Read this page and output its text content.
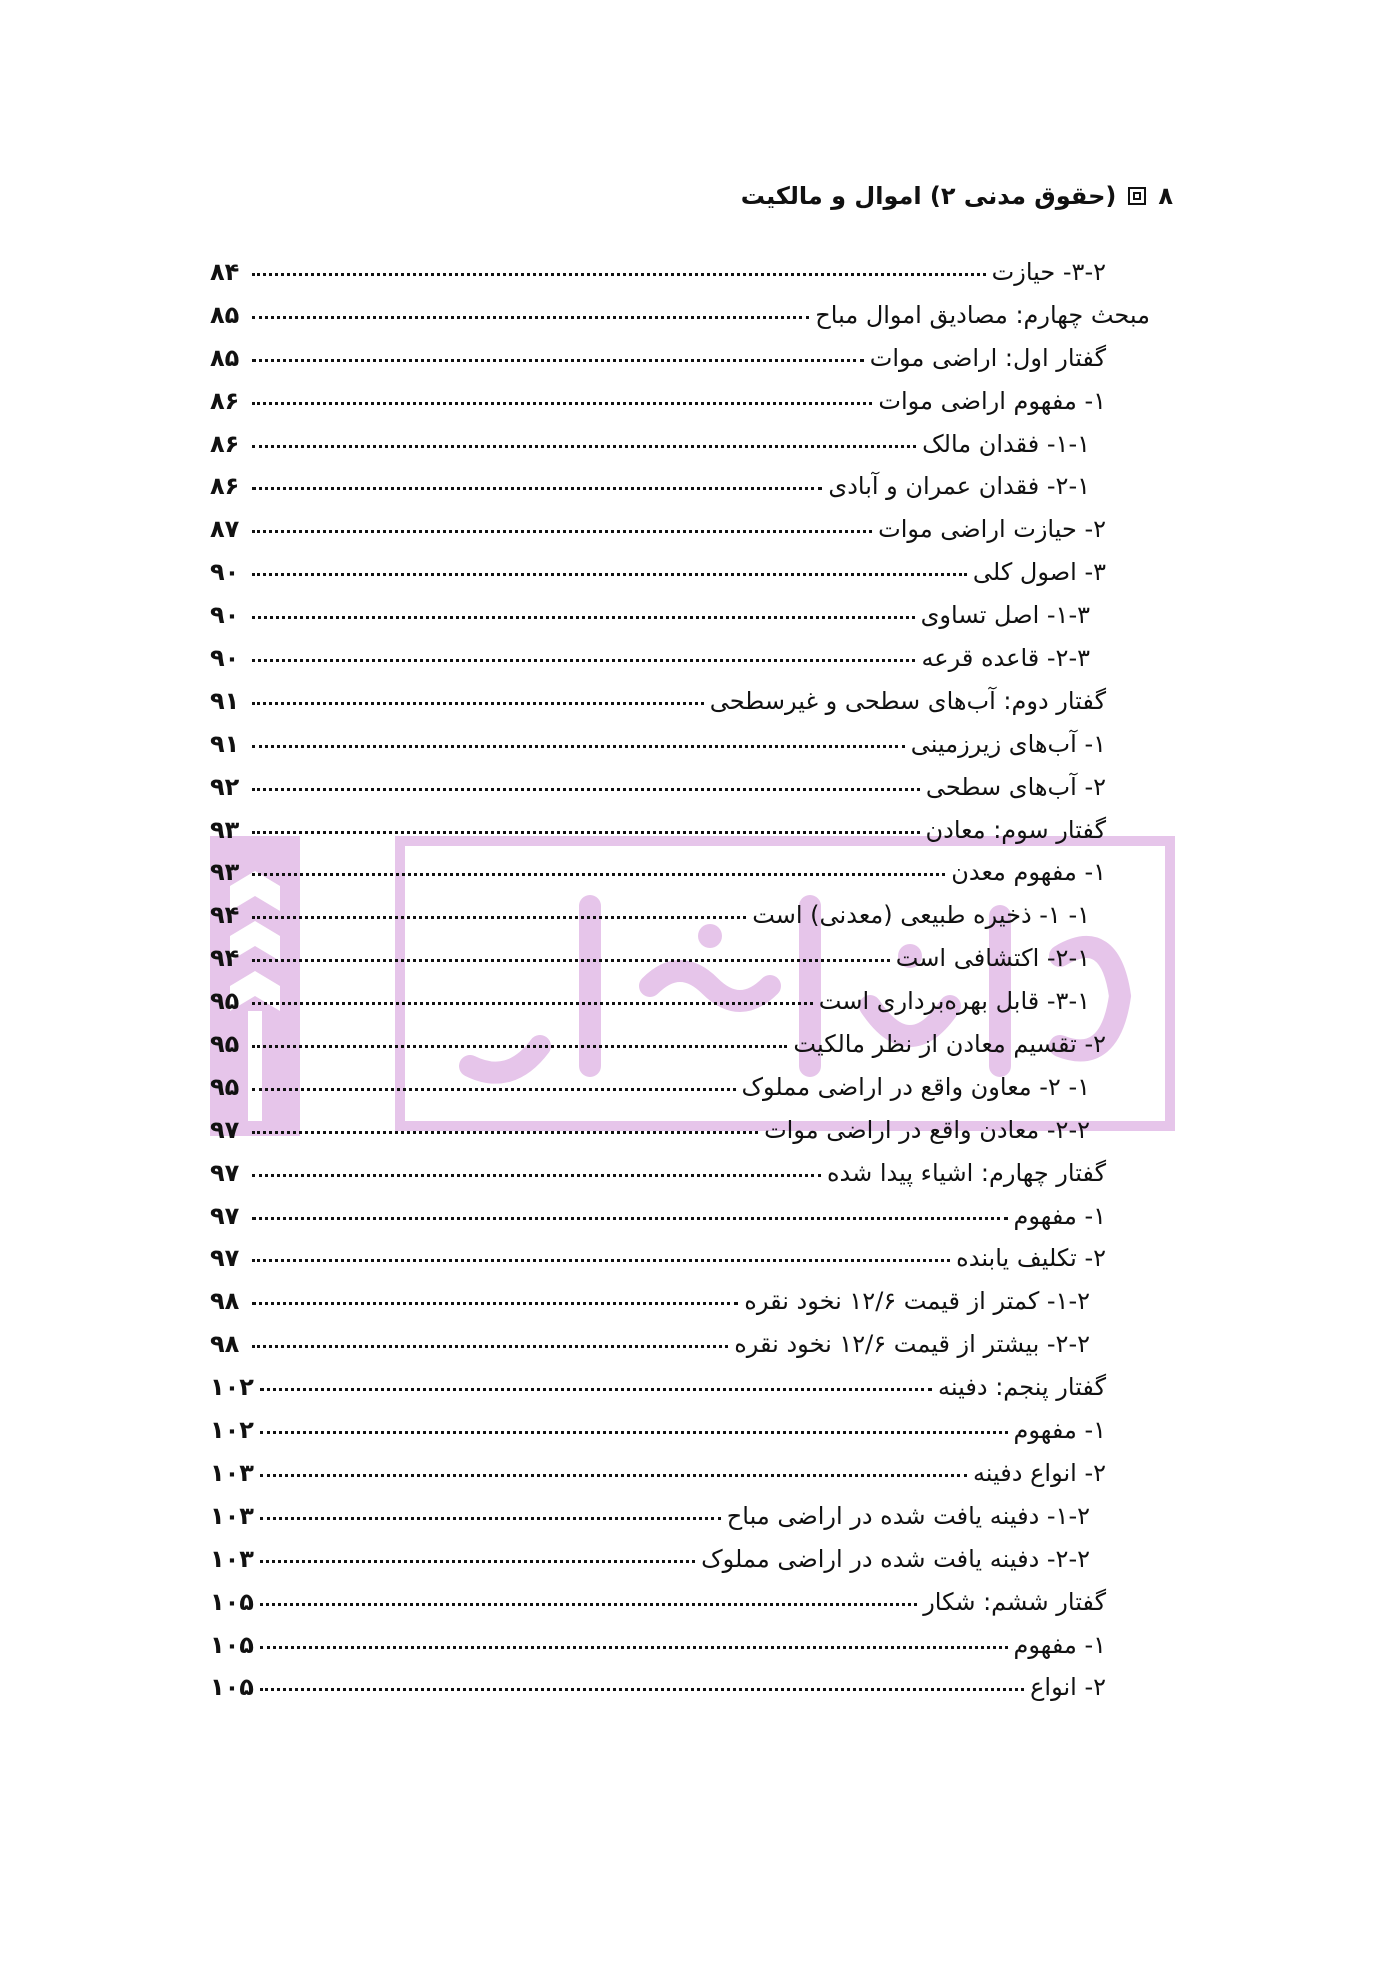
۸
(حقوق مدنی ۲) اموال و مالکیت
۳-۲- حیازت
۸۴
مبحث چهارم: مصادیق اموال مباح
۸۵
گفتار اول: اراضی موات
۸۵
۱- مفهوم اراضی موات
۸۶
۱-۱- فقدان مالک
۸۶
۲-۱- فقدان عمران و آبادی
۸۶
۲- حیازت اراضی موات
۸۷
۳- اصول کلی
۹۰
۱-۳- اصل تساوی
۹۰
۲-۳- قاعده قرعه
۹۰
گفتار دوم: آب‌های سطحی و غیرسطحی
۹۱
۱- آب‌های زیرزمینی
۹۱
۲- آب‌های سطحی
۹۲
گفتار سوم: معادن
۹۳
۱- مفهوم معدن
۹۳
۱- ۱- ذخیره طبیعی (معدنی) است
۹۴
۲-۱- اکتشافی است
۹۴
۳-۱- قابل بهره‌برداری است
۹۵
۲- تقسیم معادن از نظر مالکیت
۹۵
۱- ۲- معاون واقع در اراضی مملوک
۹۵
۲-۲- معادن واقع در اراضی موات
۹۷
گفتار چهارم: اشیاء پیدا شده
۹۷
۱- مفهوم
۹۷
۲- تکلیف یابنده
۹۷
۱-۲- کمتر از قیمت ۱۲/۶ نخود نقره
۹۸
۲-۲- بیشتر از قیمت ۱۲/۶ نخود نقره
۹۸
گفتار پنجم: دفینه
۱۰۲
۱- مفهوم
۱۰۲
۲- انواع دفینه
۱۰۳
۱-۲- دفینه یافت شده در اراضی مباح
۱۰۳
۲-۲- دفینه یافت شده در اراضی مملوک
۱۰۳
گفتار ششم: شکار
۱۰۵
۱- مفهوم
۱۰۵
۲- انواع
۱۰۵
